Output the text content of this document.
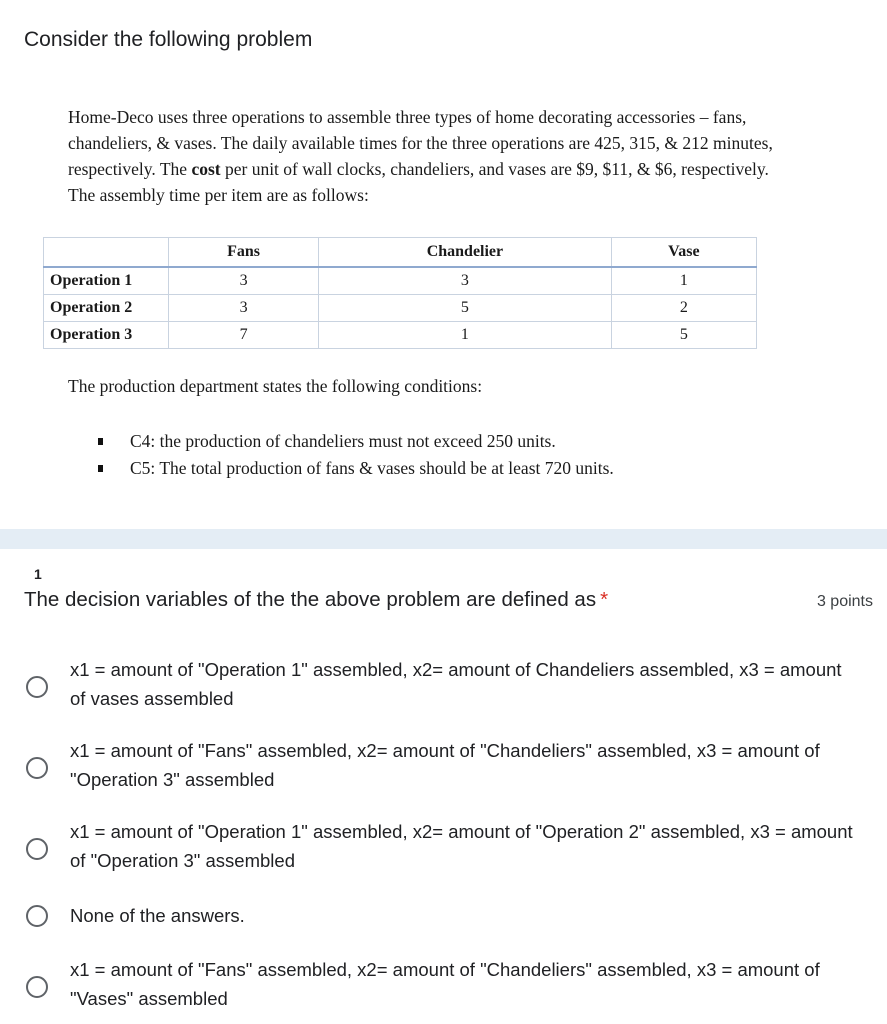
Consider the following problem
Home-Deco uses three operations to assemble three types of home decorating accessories – fans, chandeliers, & vases. The daily available times for the three operations are 425, 315, & 212 minutes, respectively. The cost per unit of wall clocks, chandeliers, and vases are $9, $11, & $6, respectively. The assembly time per item are as follows:
	Fans	Chandelier	Vase
Operation 1	3	3	1
Operation 2	3	5	2
Operation 3	7	1	5
The production department states the following conditions:
C4: the production of chandeliers must not exceed 250 units.
C5: The total production of fans & vases should be at least 720 units.
1
The decision variables of the the above problem are defined as *	3 points
x1 = amount of "Operation 1" assembled, x2= amount of Chandeliers assembled, x3 = amount of vases assembled
x1 = amount of "Fans" assembled, x2= amount of "Chandeliers" assembled, x3 = amount of "Operation 3" assembled
x1 = amount of "Operation 1" assembled, x2= amount of "Operation 2" assembled, x3 = amount of "Operation 3" assembled
None of the answers.
x1 = amount of "Fans" assembled, x2= amount of "Chandeliers" assembled, x3 = amount of "Vases" assembled
